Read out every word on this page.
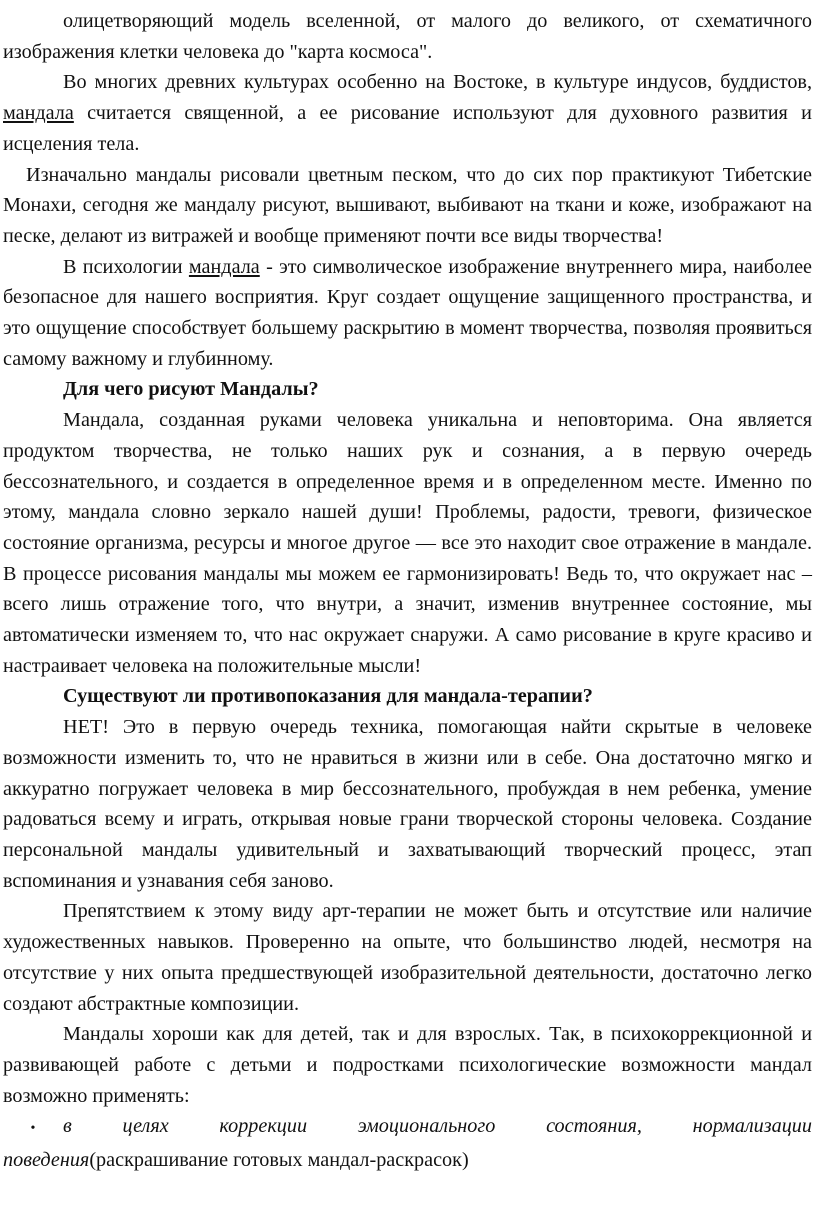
олицетворяющий модель вселенной, от малого до великого, от схематичного изображения клетки человека до "карта космоса".

Во многих древних культурах особенно на Востоке, в культуре индусов, буддистов, мандала считается священной, а ее рисование используют для духовного развития и исцеления тела.

Изначально мандалы рисовали цветным песком, что до сих пор практикуют Тибетские Монахи, сегодня же мандалу рисуют, вышивают, выбивают на ткани и коже, изображают на песке, делают из витражей и вообще применяют почти все виды творчества!

В психологии мандала - это символическое изображение внутреннего мира, наиболее безопасное для нашего восприятия. Круг создает ощущение защищенного пространства, и это ощущение способствует большему раскрытию в момент творчества, позволяя проявиться самому важному и глубинному.

Для чего рисуют Мандалы?

Мандала, созданная руками человека уникальна и неповторима. Она является продуктом творчества, не только наших рук и сознания, а в первую очередь бессознательного, и создается в определенное время и в определенном месте. Именно по этому, мандала словно зеркало нашей души! Проблемы, радости, тревоги, физическое состояние организма, ресурсы и многое другое — все это находит свое отражение в мандале. В процессе рисования мандалы мы можем ее гармонизировать! Ведь то, что окружает нас – всего лишь отражение того, что внутри, а значит, изменив внутреннее состояние, мы автоматически изменяем то, что нас окружает снаружи. А само рисование в круге красиво и настраивает человека на положительные мысли!

Существуют ли противопоказания для мандала-терапии?

НЕТ! Это в первую очередь техника, помогающая найти скрытые в человеке возможности изменить то, что не нравиться в жизни или в себе. Она достаточно мягко и аккуратно погружает человека в мир бессознательного, пробуждая в нем ребенка, умение радоваться всему и играть, открывая новые грани творческой стороны человека. Создание персональной мандалы удивительный и захватывающий творческий процесс, этап вспоминания и узнавания себя заново.

Препятствием к этому виду арт-терапии не может быть и отсутствие или наличие художественных навыков. Проверенно на опыте, что большинство людей, несмотря на отсутствие у них опыта предшествующей изобразительной деятельности, достаточно легко создают абстрактные композиции.

Мандалы хороши как для детей, так и для взрослых. Так, в психокоррекционной и развивающей работе с детьми и подростками психологические возможности мандал возможно применять:

• в целях коррекции эмоционального состояния, нормализации поведения(раскрашивание готовых мандал-раскрасок)
